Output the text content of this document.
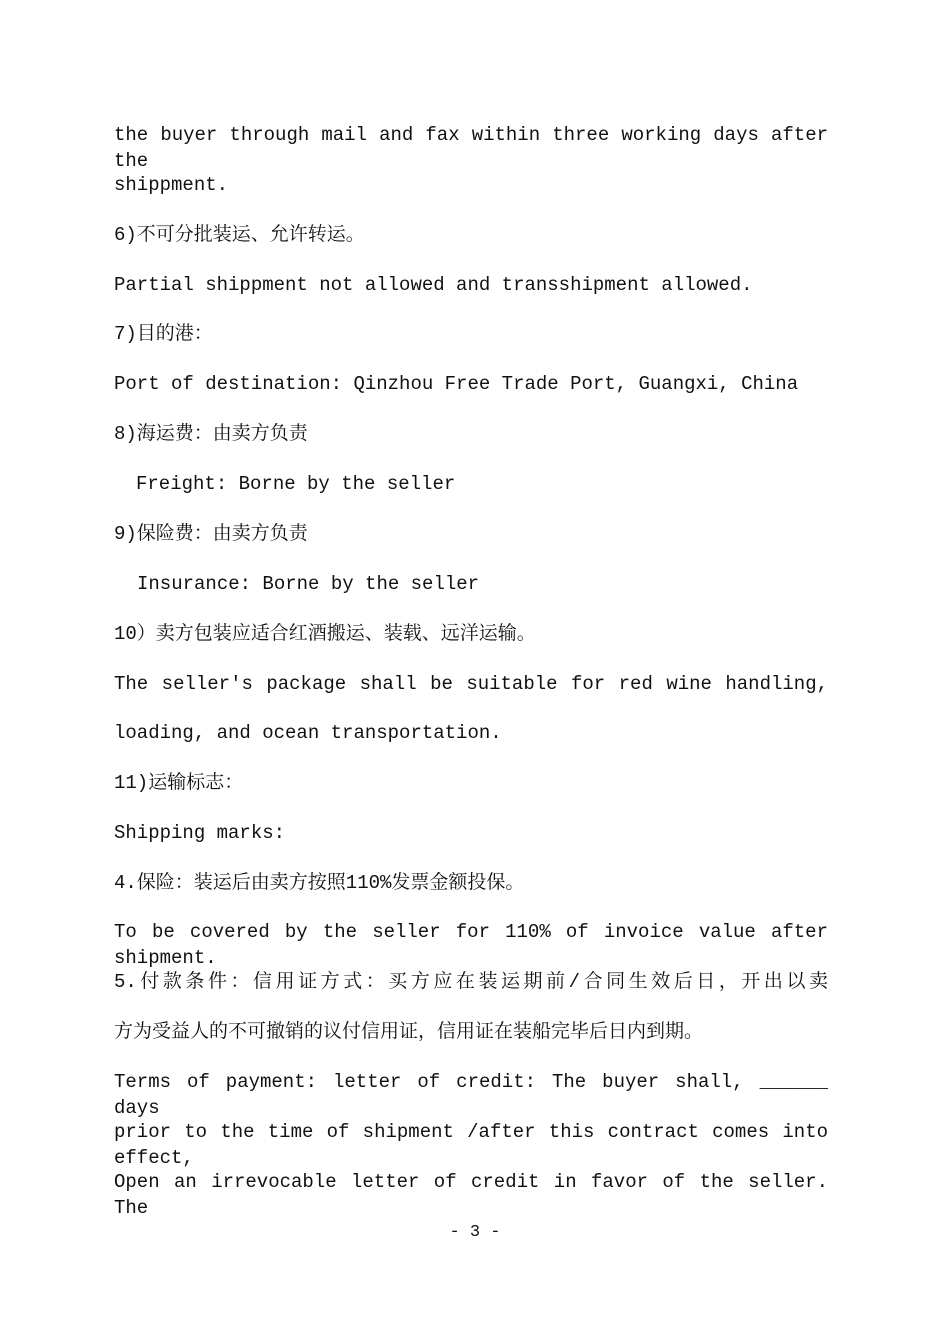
the buyer through mail and fax within three working days after the
shippment.
6)不可分批装运、允许转运。
Partial shippment not allowed and transshipment allowed.
7)目的港：
Port of destination: Qinzhou Free Trade Port, Guangxi, China
8)海运费：由卖方负责
Freight: Borne by the seller
9)保险费：由卖方负责
Insurance: Borne by the seller
10）卖方包装应适合红酒搬运、装载、远洋运输。
The seller's package shall be suitable for red wine handling,
loading, and ocean transportation.
11)运输标志：
Shipping marks:
4.保险：装运后由卖方按照110%发票金额投保。
To be covered by the seller for 110% of invoice value after shipment.
5.付款条件：信用证方式：买方应在装运期前/合同生效后日，开出以卖
方为受益人的不可撤销的议付信用证，信用证在装船完毕后日内到期。
Terms of payment: letter of credit: The buyer shall, ______ days
prior to the time of shipment /after this contract comes into effect,
Open an irrevocable letter of credit in favor of the seller. The
- 3 -
